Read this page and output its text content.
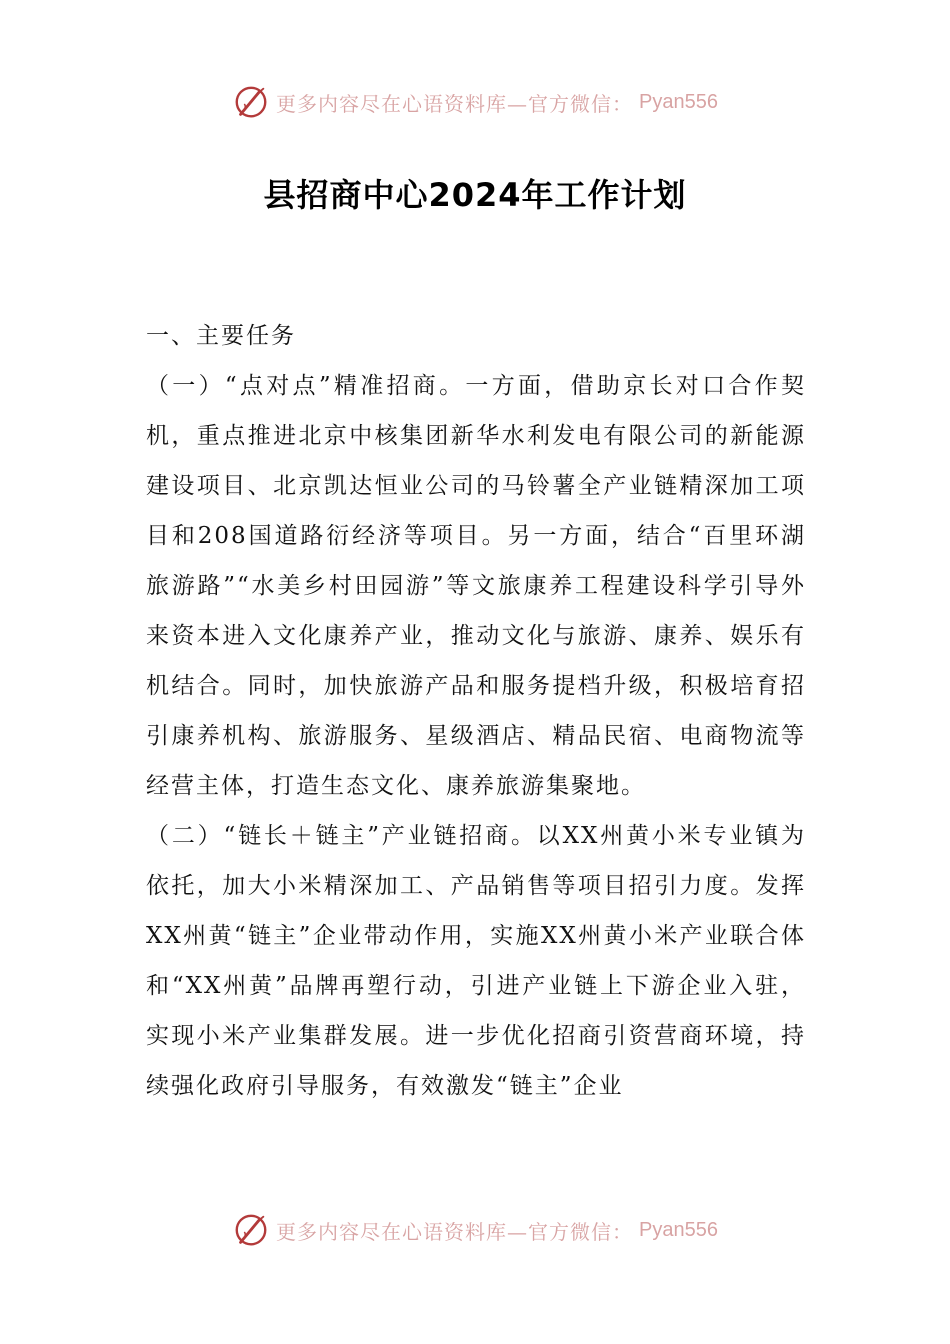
更多内容尽在心语资料库—官方微信： Pyan556
县招商中心2024年工作计划

一、主要任务

（一）“点对点”精准招商。一方面，借助京长对口合作契机，重点推进北京中核集团新华水利发电有限公司的新能源建设项目、北京凯达恒业公司的马铃薯全产业链精深加工项目和208国道路衍经济等项目。另一方面，结合“百里环湖旅游路”“水美乡村田园游”等文旅康养工程建设科学引导外来资本进入文化康养产业，推动文化与旅游、康养、娱乐有机结合。同时，加快旅游产品和服务提档升级，积极培育招引康养机构、旅游服务、星级酒店、精品民宿、电商物流等经营主体，打造生态文化、康养旅游集聚地。

（二）“链长＋链主”产业链招商。以XX州黄小米专业镇为依托，加大小米精深加工、产品销售等项目招引力度。发挥XX州黄“链主”企业带动作用，实施XX州黄小米产业联合体和“XX州黄”品牌再塑行动，引进产业链上下游企业入驻，实现小米产业集群发展。进一步优化招商引资营商环境，持续强化政府引导服务，有效激发“链主”企业

更多内容尽在心语资料库—官方微信： Pyan556
